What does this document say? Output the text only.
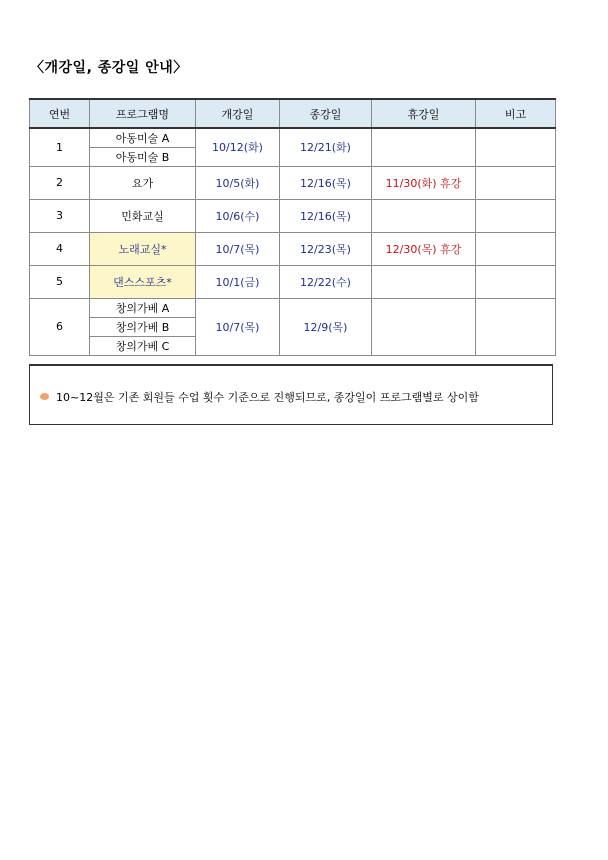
〈개강일, 종강일 안내〉
연번	프로그램명	개강일	종강일	휴강일	비고
1	아동미술 A	10/12(화)	12/21(화)		
	아동미술 B				
2	요가	10/5(화)	12/16(목)	11/30(화) 휴강	
3	민화교실	10/6(수)	12/16(목)		
4	노래교실*	10/7(목)	12/23(목)	12/30(목) 휴강	
5	댄스스포츠*	10/1(금)	12/22(수)		
6	창의가베 A	10/7(목)	12/9(목)		
	창의가베 B				
	창의가베 C				
10~12월은 기존 회원들 수업 횟수 기준으로 진행되므로, 종강일이 프로그램별로 상이함
